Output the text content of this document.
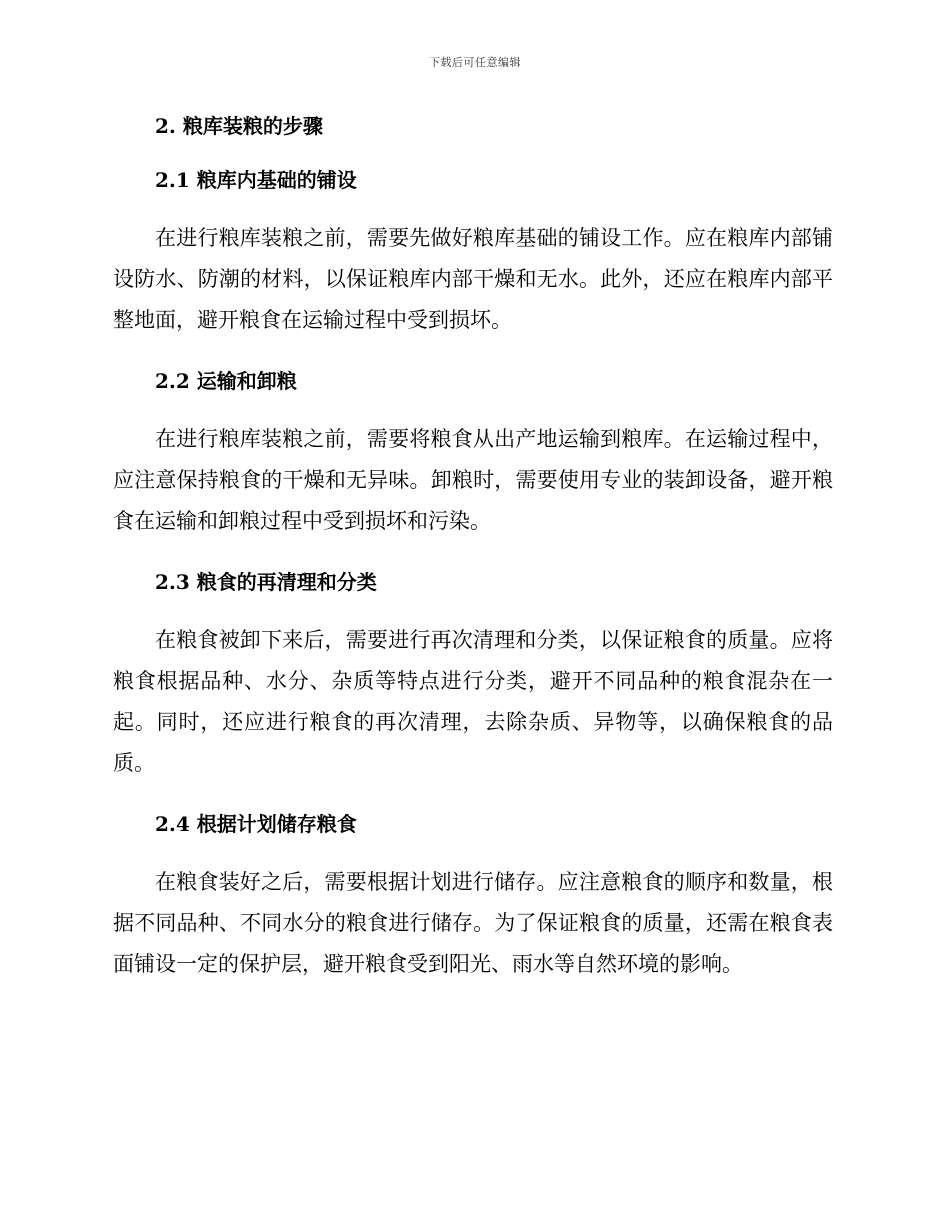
下载后可任意编辑
2. 粮库装粮的步骤
2.1 粮库内基础的铺设

在进行粮库装粮之前，需要先做好粮库基础的铺设工作。应在粮库内部铺设防水、防潮的材料，以保证粮库内部干燥和无水。此外，还应在粮库内部平整地面，避开粮食在运输过程中受到损坏。

2.2 运输和卸粮

在进行粮库装粮之前，需要将粮食从出产地运输到粮库。在运输过程中，应注意保持粮食的干燥和无异味。卸粮时，需要使用专业的装卸设备，避开粮食在运输和卸粮过程中受到损坏和污染。

2.3 粮食的再清理和分类

在粮食被卸下来后，需要进行再次清理和分类，以保证粮食的质量。应将粮食根据品种、水分、杂质等特点进行分类，避开不同品种的粮食混杂在一起。同时，还应进行粮食的再次清理，去除杂质、异物等，以确保粮食的品质。

2.4 根据计划储存粮食

在粮食装好之后，需要根据计划进行储存。应注意粮食的顺序和数量，根据不同品种、不同水分的粮食进行储存。为了保证粮食的质量，还需在粮食表面铺设一定的保护层，避开粮食受到阳光、雨水等自然环境的影响。
